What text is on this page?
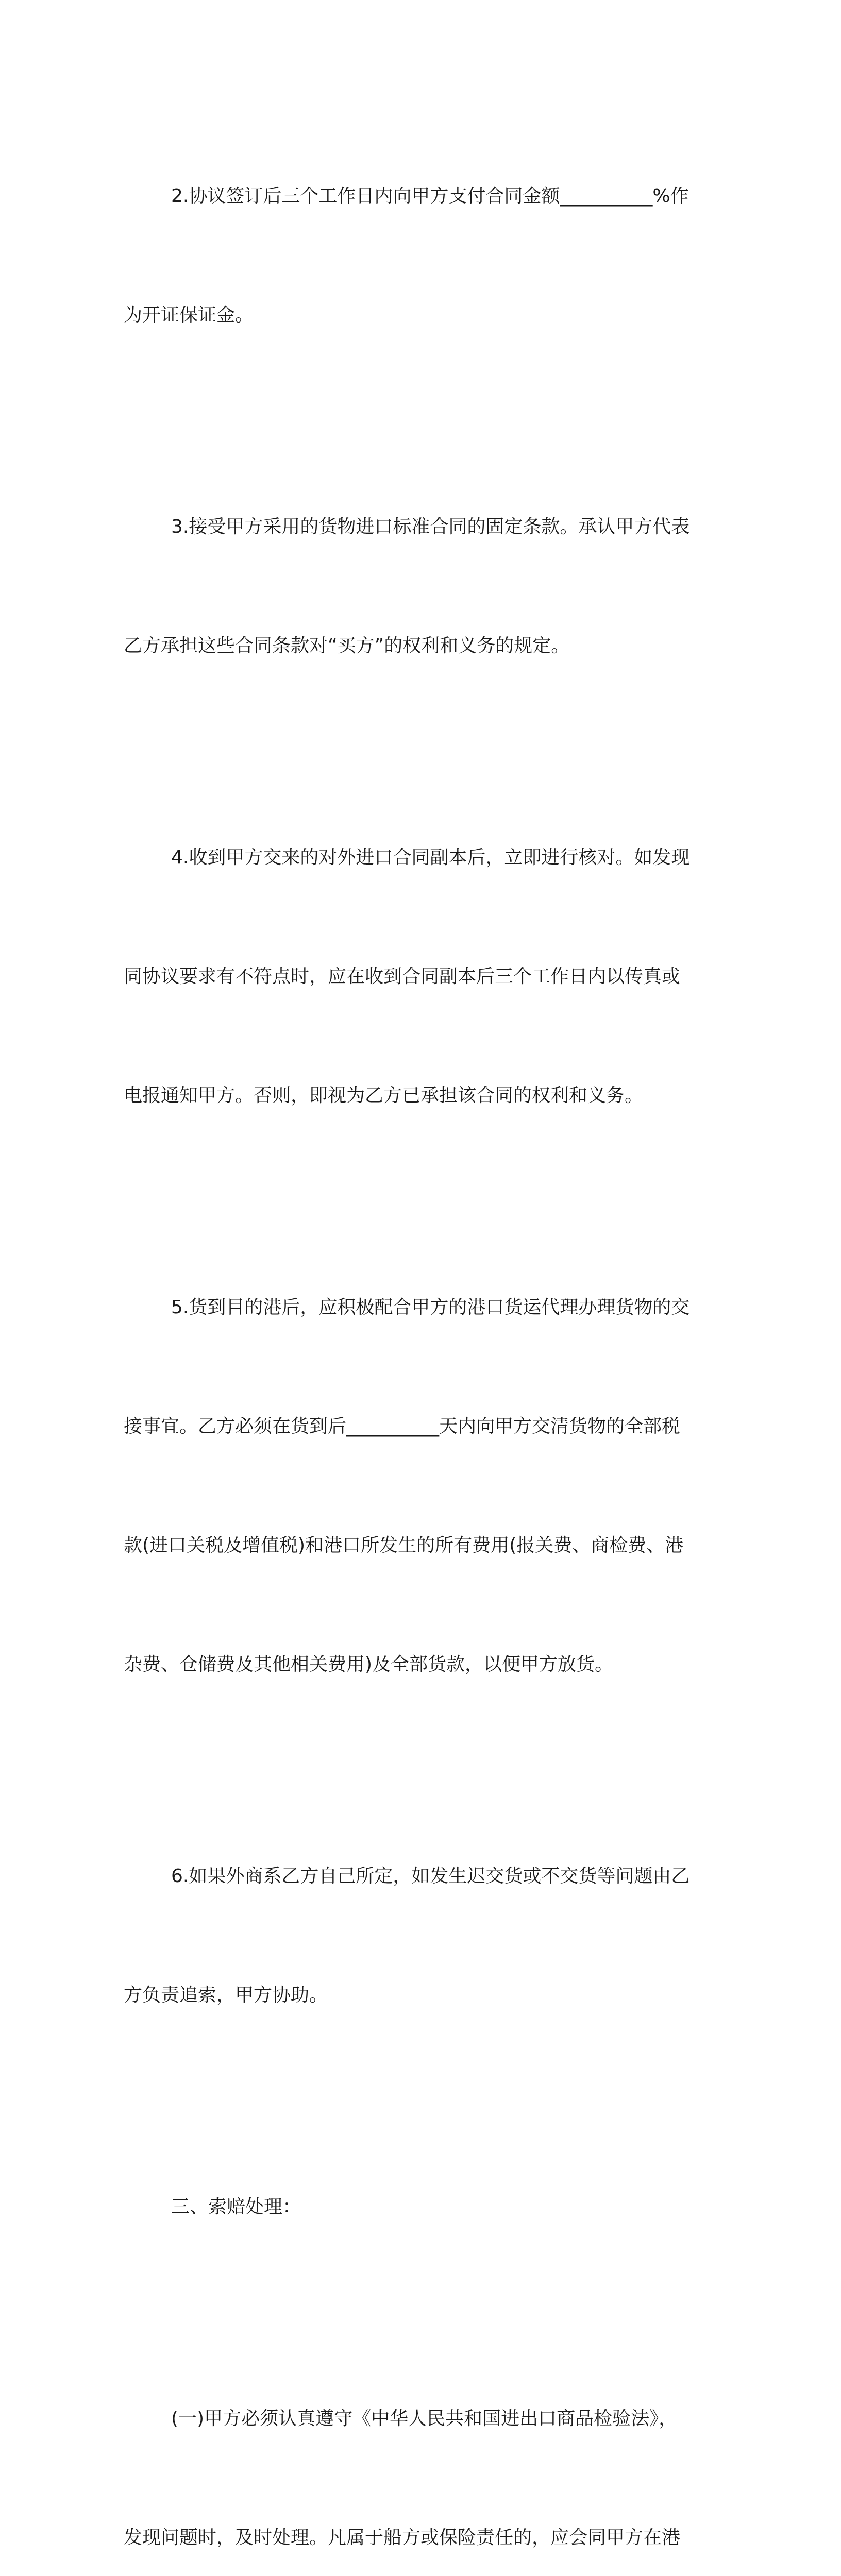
2.协议签订后三个工作日内向甲方支付合同金额__________%作

为开证保证金。

3.接受甲方采用的货物进口标准合同的固定条款。承认甲方代表

乙方承担这些合同条款对“买方”的权利和义务的规定。

4.收到甲方交来的对外进口合同副本后，立即进行核对。如发现

同协议要求有不符点时，应在收到合同副本后三个工作日内以传真或

电报通知甲方。否则，即视为乙方已承担该合同的权利和义务。

5.货到目的港后，应积极配合甲方的港口货运代理办理货物的交

接事宜。乙方必须在货到后__________天内向甲方交清货物的全部税

款(进口关税及增值税)和港口所发生的所有费用(报关费、商检费、港

杂费、仓储费及其他相关费用)及全部货款，以便甲方放货。

6.如果外商系乙方自己所定，如发生迟交货或不交货等问题由乙

方负责追索，甲方协助。

三、索赔处理：

(一)甲方必须认真遵守《中华人民共和国进出口商品检验法》，

发现问题时，及时处理。凡属于船方或保险责任的，应会同甲方在港
